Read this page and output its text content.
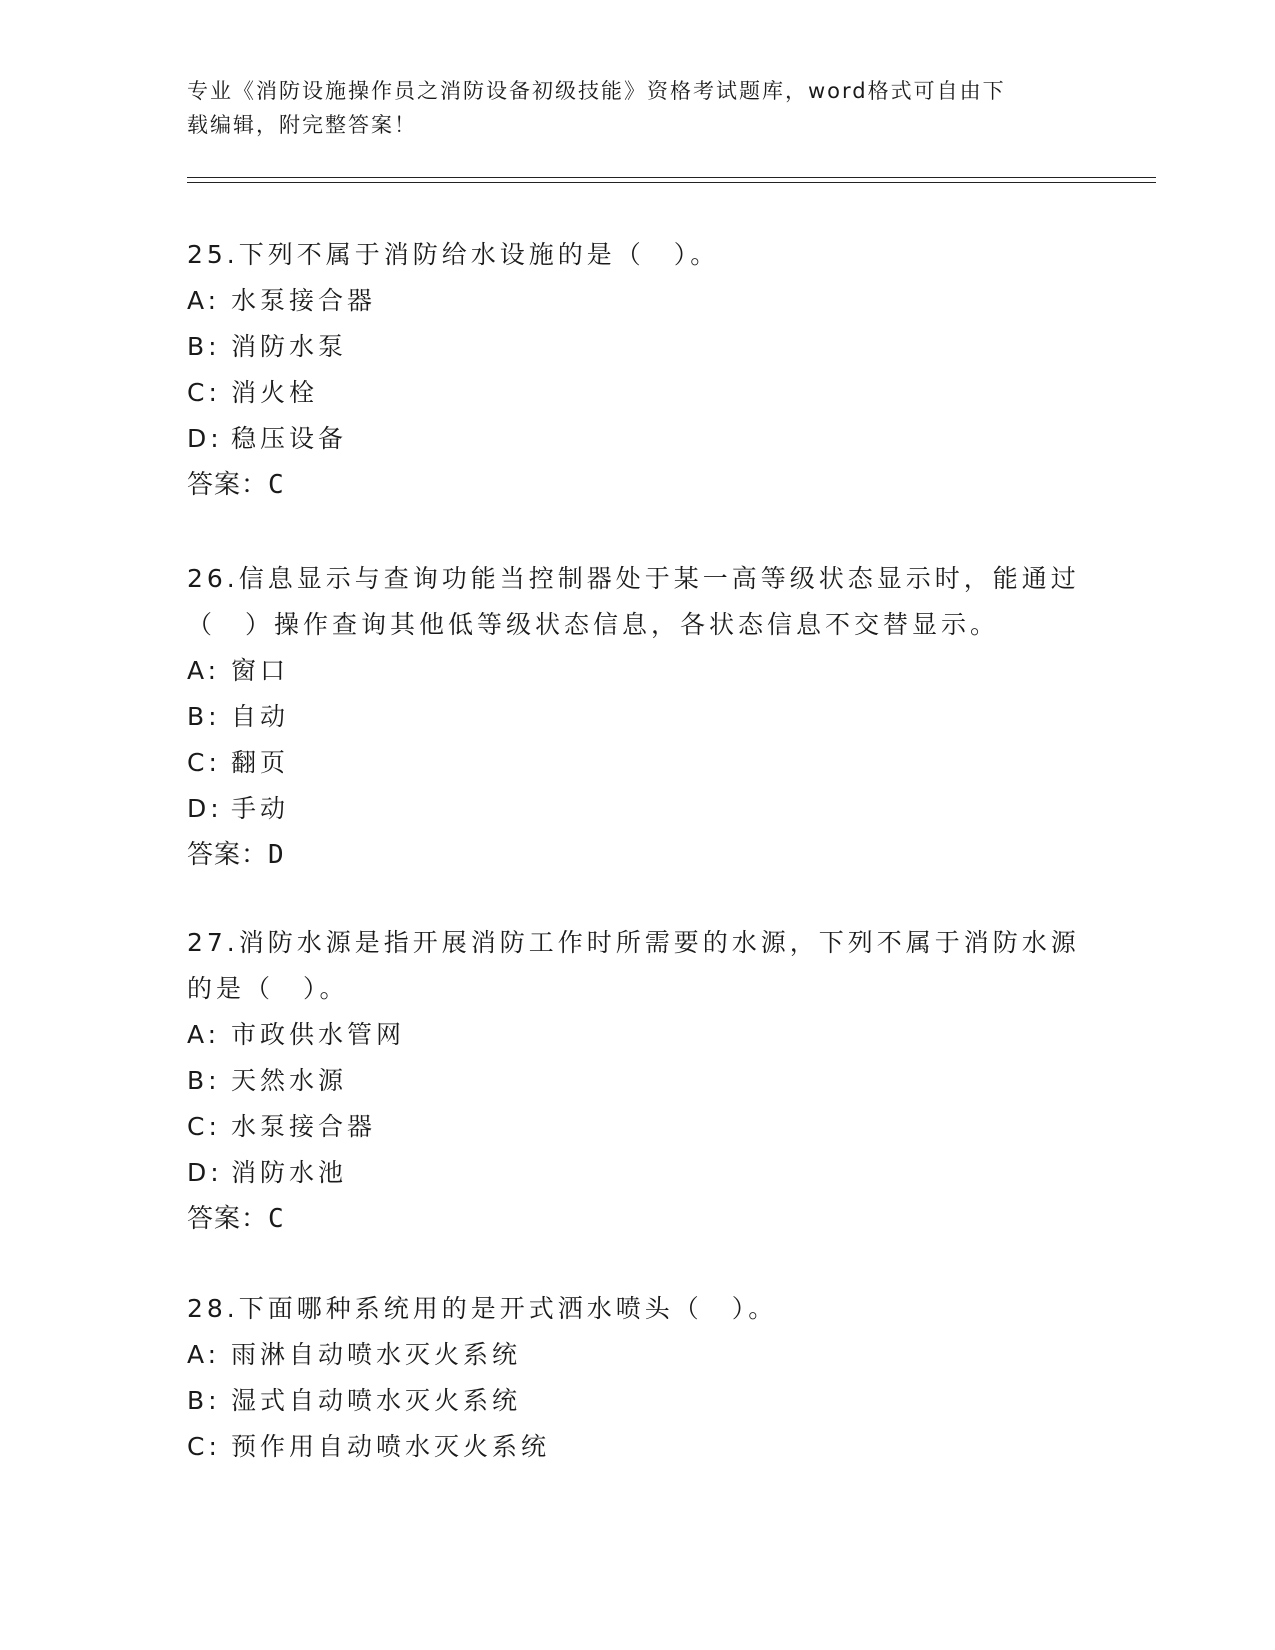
专业《消防设施操作员之消防设备初级技能》资格考试题库，word格式可自由下
载编辑，附完整答案！

25.下列不属于消防给水设施的是（　）。

A: 水泵接合器

B: 消防水泵

C: 消火栓

D: 稳压设备

答案： C

26.信息显示与查询功能当控制器处于某一高等级状态显示时，能通过

（　）操作查询其他低等级状态信息，各状态信息不交替显示。

A: 窗口

B: 自动

C: 翻页

D: 手动

答案： D

27.消防水源是指开展消防工作时所需要的水源，下列不属于消防水源

的是（　）。

A: 市政供水管网

B: 天然水源

C: 水泵接合器

D: 消防水池

答案： C

28.下面哪种系统用的是开式洒水喷头（　）。

A: 雨淋自动喷水灭火系统

B: 湿式自动喷水灭火系统

C: 预作用自动喷水灭火系统
